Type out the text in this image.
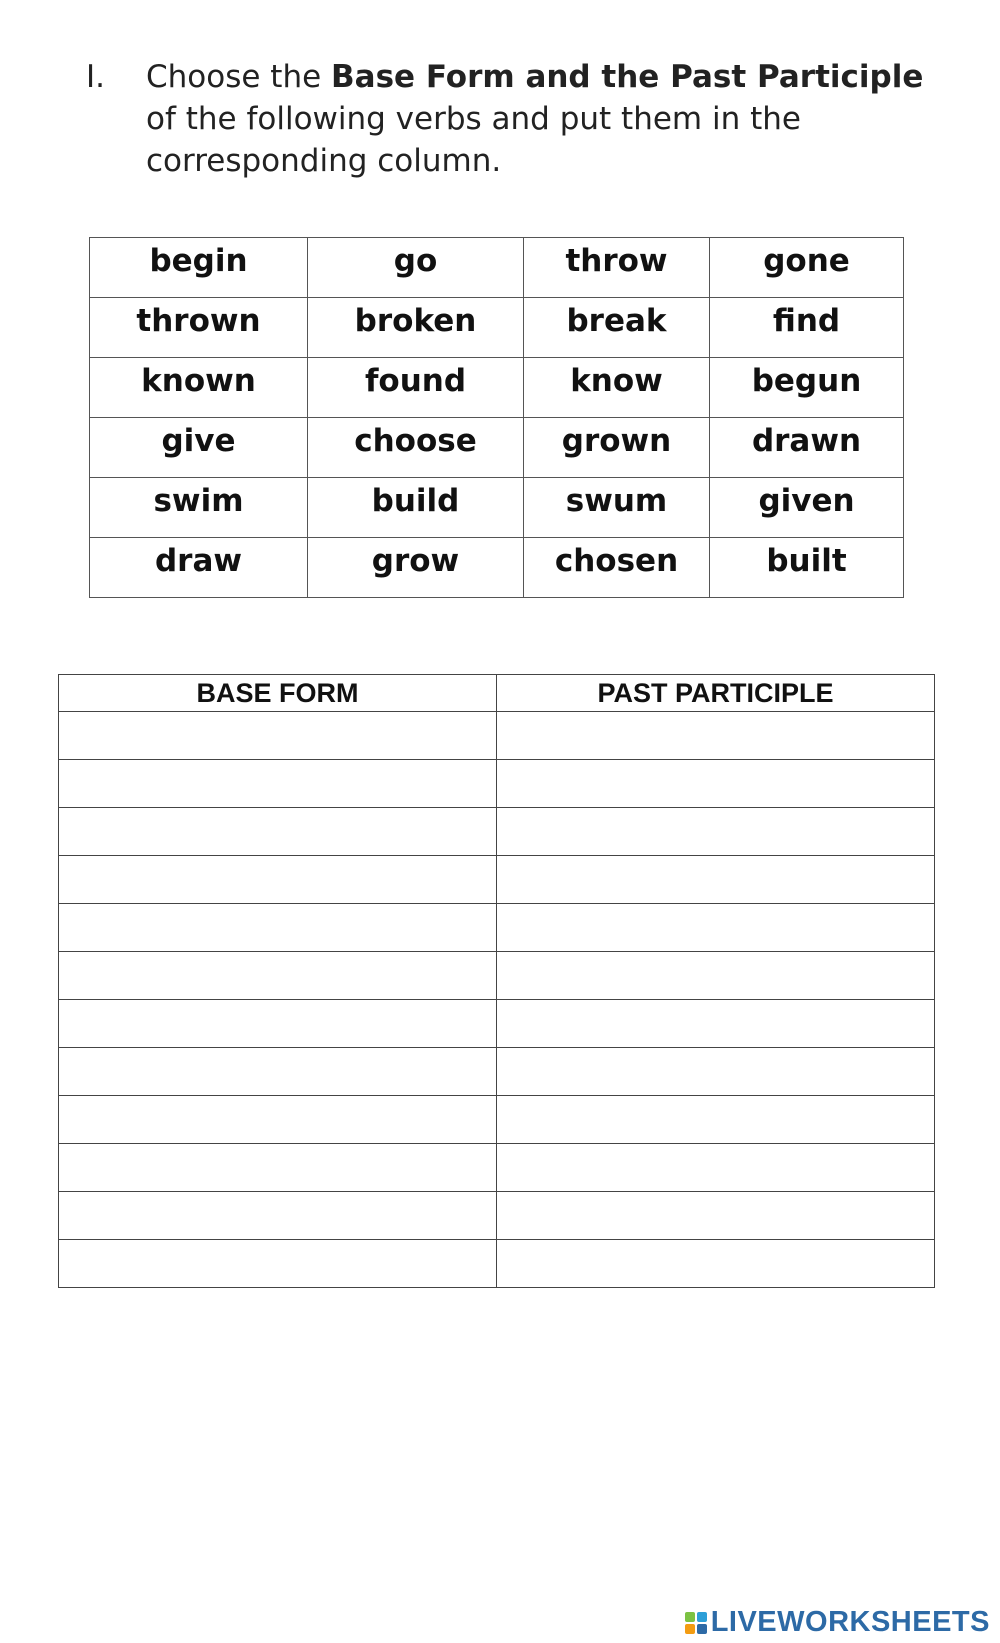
I. Choose the Base Form and the Past Participle of the following verbs and put them in the corresponding column.
begin	go	throw	gone
thrown	broken	break	find
known	found	know	begun
give	choose	grown	drawn
swim	build	swum	given
draw	grow	chosen	built
BASE FORM	PAST PARTICIPLE

LIVEWORKSHEETS
